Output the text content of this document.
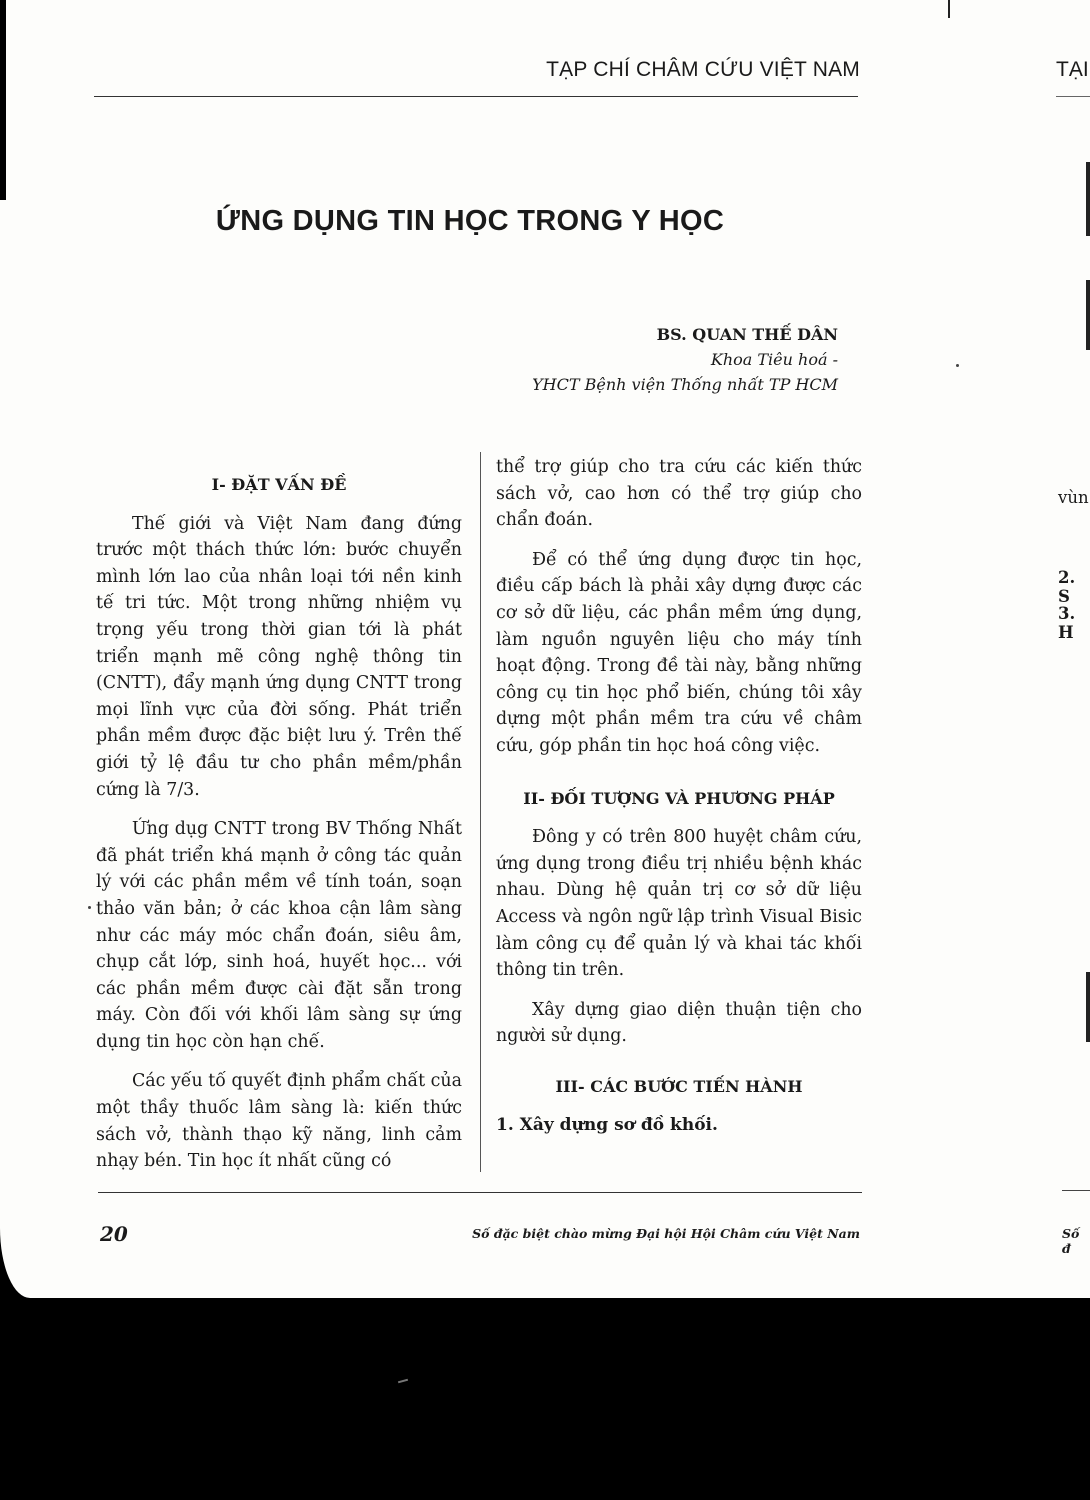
TẠP CHÍ CHÂM CỨU VIỆT NAM	TẠI
ỨNG DỤNG TIN HỌC TRONG Y HỌC
BS. QUAN THẾ DÂN
Khoa Tiêu hoá -
YHCT Bệnh viện Thống nhất TP HCM
I- ĐẶT VẤN ĐỀ

Thế giới và Việt Nam đang đứng trước một thách thức lớn: bước chuyển mình lớn lao của nhân loại tới nền kinh tế tri tức. Một trong những nhiệm vụ trọng yếu trong thời gian tới là phát triển mạnh mẽ công nghệ thông tin (CNTT), đẩy mạnh ứng dụng CNTT trong mọi lĩnh vực của đời sống. Phát triển phần mềm được đặc biệt lưu ý. Trên thế giới tỷ lệ đầu tư cho phần mềm/phần cứng là 7/3.

Ứng dụg CNTT trong BV Thống Nhất đã phát triển khá mạnh ở công tác quản lý với các phần mềm về tính toán, soạn thảo văn bản; ở các khoa cận lâm sàng như các máy móc chẩn đoán, siêu âm, chụp cắt lớp, sinh hoá, huyết học... với các phần mềm được cài đặt sẵn trong máy. Còn đối với khối lâm sàng sự ứng dụng tin học còn hạn chế.

Các yếu tố quyết định phẩm chất của một thầy thuốc lâm sàng là: kiến thức sách vở, thành thạo kỹ năng, linh cảm nhạy bén. Tin học ít nhất cũng có

thể trợ giúp cho tra cứu các kiến thức sách vở, cao hơn có thể trợ giúp cho chẩn đoán.

Để có thể ứng dụng được tin học, điều cấp bách là phải xây dựng được các cơ sở dữ liệu, các phần mềm ứng dụng, làm nguồn nguyên liệu cho máy tính hoạt động. Trong đề tài này, bằng những công cụ tin học phổ biến, chúng tôi xây dựng một phần mềm tra cứu về châm cứu, góp phần tin học hoá công việc.

II- ĐỐI TƯỢNG VÀ PHƯƠNG PHÁP

Đông y có trên 800 huyệt châm cứu, ứng dụng trong điều trị nhiều bệnh khác nhau. Dùng hệ quản trị cơ sở dữ liệu Access và ngôn ngữ lập trình Visual Bisic làm công cụ để quản lý và khai tác khối thông tin trên.

Xây dựng giao diện thuận tiện cho người sử dụng.

III- CÁC BƯỚC TIẾN HÀNH
1. Xây dựng sơ đồ khối.
20	Số đặc biệt chào mừng Đại hội Hội Châm cứu Việt Nam
vùn
2. S
3. H
Số đ
